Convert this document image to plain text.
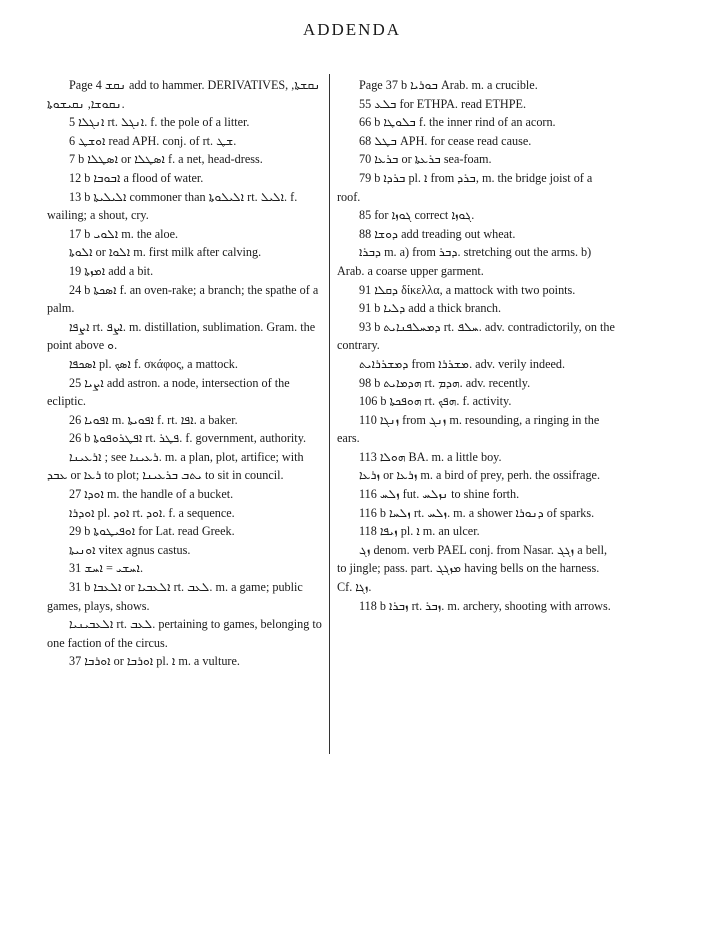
ADDENDA

Page 4 ܢܩܫ add to hammer. DERIVATIVES, ܢܩܫܬܐ, ܢܩܘܫܐ, ܢܩܝܫܘܬܐ.

5 ܐܢܓܠܐ rt. ܐܢܓܠ. f. the pole of a litter.

6 ܐܘܫܛ read APH. conj. of rt. ܫܛ.

7 b ܐܣܛܠܐ or ܐܣܛܠܐ f. a net, head-dress.

12 b ܐܒܘܒܐ a flood of water.

13 b ܐܠܝܠܝܬܐ commoner than ܐܠܝܠܘܬܐ rt. ܐܠܝܠ. f. wailing; a shout, cry.

17 b ܐܠܘܝ m. the aloe.

ܐܠܘܬܐ or ܐܠܘܐ m. first milk after calving.

19 ܐܡܙܬܐ add a bit.

24 b ܐܣܟܬܐ f. an oven-rake; a branch; the spathe of a palm.

ܐܨܦܐ rt. ܐܨܦ. m. distillation, sublimation. Gram. the point above ܘ.

ܐܣܟܦܐ pl. ܐܣܟ f. σκάφος, a mattock.

25 ܐܨܝܐ add astron. a node, intersection of the ecliptic.

26 ܐܦܘܝܐ m. ܐܦܘܝܬܐ f. rt. ܐܦܐ. a baker.

26 b ܐܦܛܪܘܦܘܬܐ rt. ܦܛܪ. f. government, authority.

ܐܪܥܝܢܐ ; see ܪܥܝܢܐ. m. a plan, plot, artifice; with ܥܒܕ or ܪܥܐ to plot; ܝܬܒ ܒܪܥܝܢܐ to sit in council.

27 ܐܘܕܐ m. the handle of a bucket.

ܐܘܕܪܐ pl. ܐܘܕ rt. ܐܘܕ. f. a sequence.

29 b ܐܘܦܝܛܘܬܐ for Lat. read Greek.

ܐܘܢܝܬܐ vitex agnus castus.

31 ܐܚܫܝ = ܐܚܫ.

31 b ܐܠܥܒܐ or ܐܠܥܒܝܐ rt. ܠܥܒ. m. a game; public games, plays, shows.

ܐܠܥܒܝܢܝܐ rt. ܠܥܒ. pertaining to games, belonging to one faction of the circus.

37 ܐܘܪܒܐ or ܐܘܪܒܐ pl. ܐ m. a vulture.

Page 37 b ܒܘܪܝܐ Arab. m. a crucible.

55 ܒܠܥ for ETHPA. read ETHPE.

66 b ܒܠܘܛܐ f. the inner rind of an acorn.

68 ܒܛܠ APH. for cease read cause.

70 ܒܪܥܐ or ܒܪܥܬܐ sea-foam.

79 b ܒܪܕܐ pl. ܐ from ܒܪܕ, m. the bridge joist of a roof.

85 for ܓܘܙܐ correct ܓܘܙܐ.

88 ܕܘܫܐ add treading out wheat.

ܕܒܪܐ m. a) from ܕܒܪ. stretching out the arms. b) Arab. a coarse upper garment.

91 ܕܩܠܐ δίκελλα, a mattock with two points.

91 b ܕܠܝܐ add a thick branch.

93 b ܕܡܚܠܦܢܐܝܬ rt. ܚܠܦ. adv. contradictorily, on the contrary.

ܕܡܫܪܪܐܝܬ from ܡܫܪܪܐ. adv. verily indeed.

98 b ܗܕܡܐܝܬ rt. ܗܕܡ. adv. recently.

106 b ܗܘܦܟܬܐ rt. ܗܦܟ. f. activity.

110 ܙܢܓܐ from ܙܢܓ m. resounding, a ringing in the ears.

113 ܗܘܠܐ BA. m. a little boy.

ܙܪܥܐ or ܙܪܥܐ m. a bird of prey, perh. the ossifrage.

116 ܙܠܚ fut. ܢܙܠܚ to shine forth.

116 b ܙܠܚܐ rt. ܙܠܚ. m. a shower ܕܢܘܪܐ of sparks.

118 ܙܝܦܐ pl. ܐ m. an ulcer.

ܙܓ denom. verb PAEL conj. from Nasar. ܙܓܓ a bell, to jingle; pass. part. ܡܙܓܓ having bells on the harness. Cf. ܙܓܐ.

118 b ܙܒܪܐ rt. ܙܒܪ. m. archery, shooting with arrows.
